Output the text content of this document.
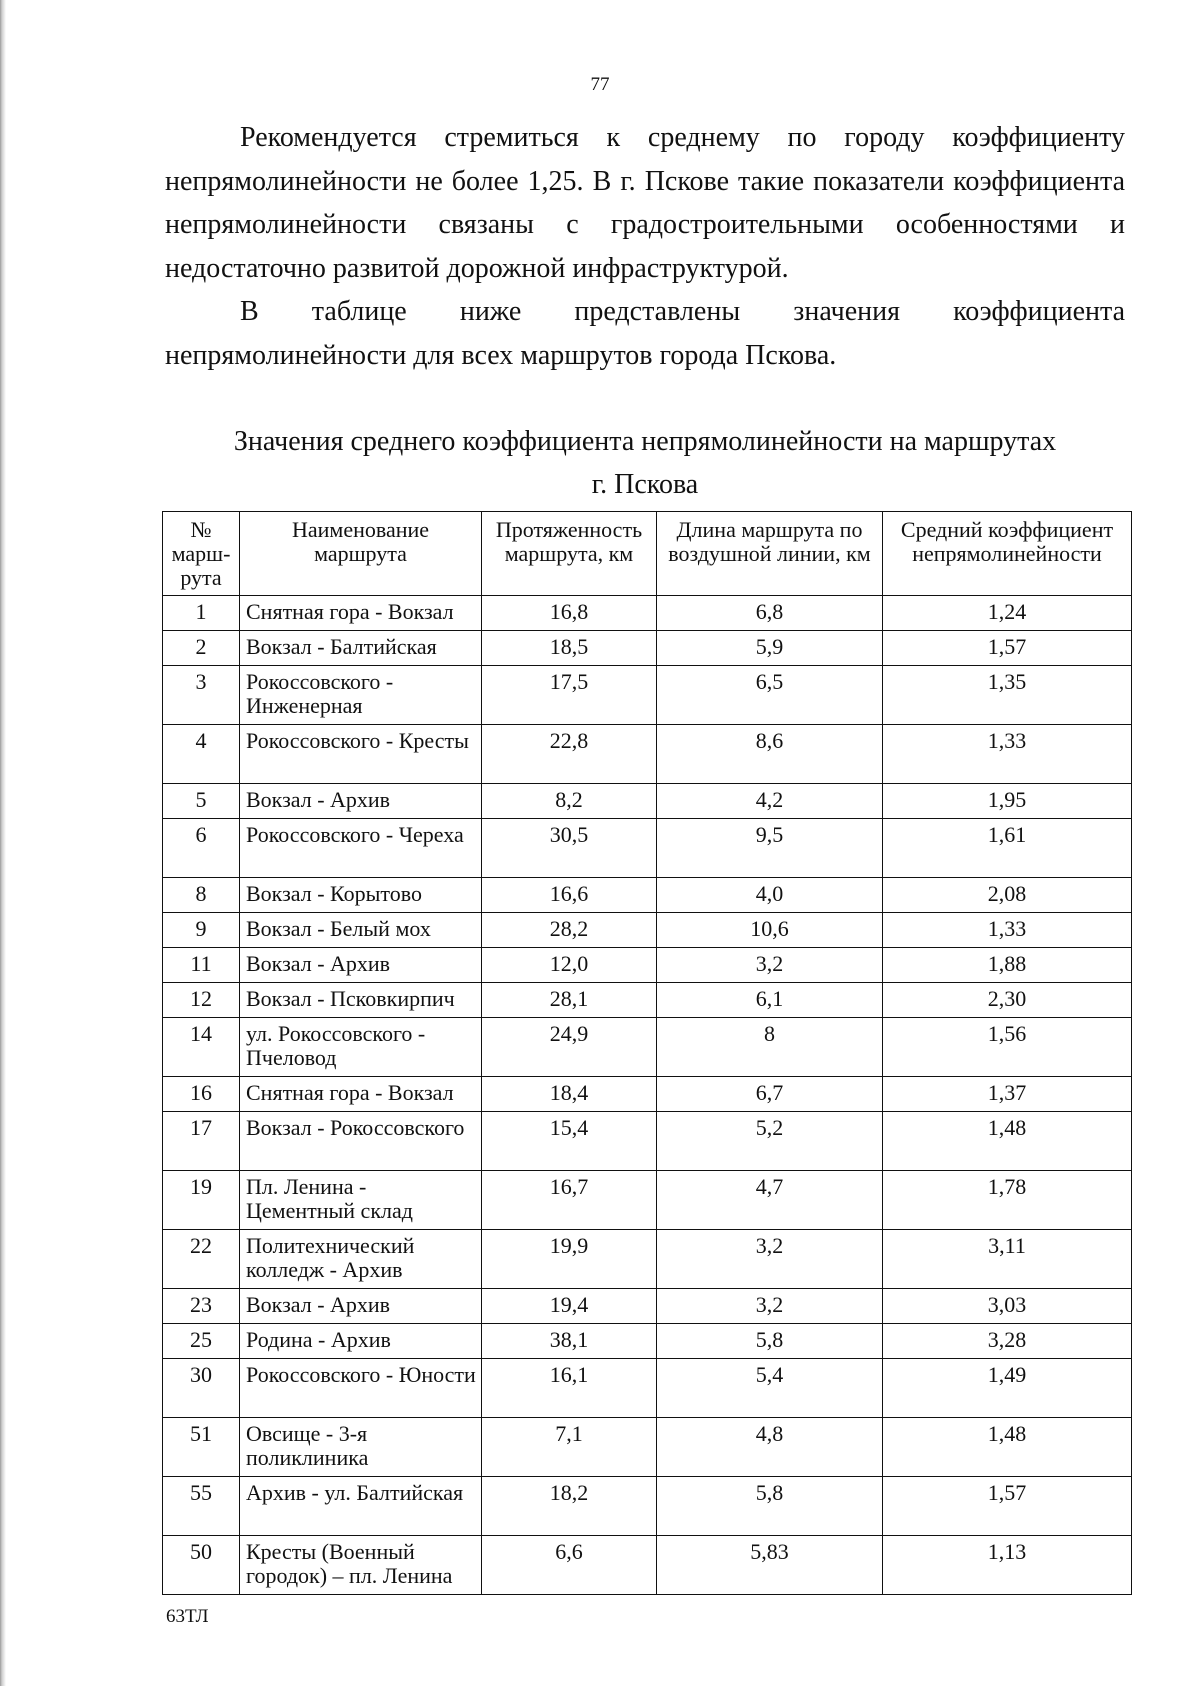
77

Рекомендуется стремиться к среднему по городу коэффициенту непрямолинейности не более 1,25. В г. Пскове такие показатели коэффициента непрямолинейности связаны с градостроительными особенностями и недостаточно развитой дорожной инфраструктурой.

В таблице ниже представлены значения коэффициента непрямолинейности для всех маршрутов города Пскова.

Значения среднего коэффициента непрямолинейности на маршрутах
г. Пскова
№ марш-рута	Наименование маршрута	Протяженность маршрута, км	Длина маршрута по воздушной линии, км	Средний коэффициент непрямолинейности
1	Снятная гора - Вокзал	16,8	6,8	1,24
2	Вокзал - Балтийская	18,5	5,9	1,57
3	Рокоссовского - Инженерная	17,5	6,5	1,35
4	Рокоссовского - Кресты	22,8	8,6	1,33
5	Вокзал - Архив	8,2	4,2	1,95
6	Рокоссовского - Череха	30,5	9,5	1,61
8	Вокзал - Корытово	16,6	4,0	2,08
9	Вокзал - Белый мох	28,2	10,6	1,33
11	Вокзал - Архив	12,0	3,2	1,88
12	Вокзал - Псковкирпич	28,1	6,1	2,30
14	ул. Рокоссовского - Пчеловод	24,9	8	1,56
16	Снятная гора - Вокзал	18,4	6,7	1,37
17	Вокзал - Рокоссовского	15,4	5,2	1,48
19	Пл. Ленина - Цементный склад	16,7	4,7	1,78
22	Политехнический колледж - Архив	19,9	3,2	3,11
23	Вокзал - Архив	19,4	3,2	3,03
25	Родина - Архив	38,1	5,8	3,28
30	Рокоссовского - Юности	16,1	5,4	1,49
51	Овсище - 3-я поликлиника	7,1	4,8	1,48
55	Архив - ул. Балтийская	18,2	5,8	1,57
50	Кресты (Военный городок) – пл. Ленина	6,6	5,83	1,13
63ТЛ
